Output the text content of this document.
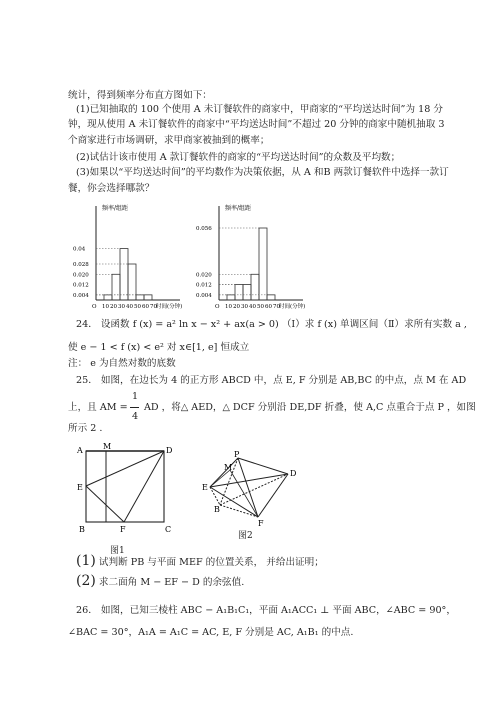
统计，得到频率分布直方图如下：
(1)已知抽取的 100 个使用 A 未订餐软件的商家中，甲商家的“平均送达时间”为 18 分
钟，现从使用 A 未订餐软件的商家中“平均送达时间”不超过 20 分钟的商家中随机抽取 3
个商家进行市场调研，求甲商家被抽到的概率；
(2)试估计该市使用 A 款订餐软件的商家的“平均送达时间”的众数及平均数；
(3)如果以“平均送达时间”的平均数作为决策依据，从 A 和B 两款订餐软件中选择一款订
餐，你会选择哪款？
频率/组距
0.04
0.004
0.012
0.020
0.028
O 10 20 30 40 50 60 70 时间(分钟)
频率/组距
0.056
0.020
0.012
0.004
O 10 20 30 40 50 60 70 时间(分钟)
24． 设函数 f (x) = a² ln x − x² + ax(a > 0) （Ⅰ）求 f (x) 单调区间（Ⅱ）求所有实数 a ,
使 e − 1 < f (x) < e² 对 x∈[1, e] 恒成立
注： e 为自然对数的底数
25． 如图，在边长为 4 的正方形 ABCD 中，点 E, F 分别是 AB,BC 的中点，点 M 在 AD
上，且 AM =
1
4
AD ，将△ AED，△ DCF 分别沿 DE,DF 折叠，使 A,C 点重合于点 P ，如图
所示 2 .
A	M	D
E
B	F	C
图1
P
M
E
D
B
F
图2
(1) 试判断 PB 与平面 MEF 的位置关系， 并给出证明；
(2) 求二面角 M − EF − D 的余弦值.
26． 如图，已知三棱柱 ABC − A₁B₁C₁，平面 A₁ACC₁ ⊥ 平面 ABC，∠ABC = 90°，
∠BAC = 30°，A₁A = A₁C = AC, E, F 分别是 AC, A₁B₁ 的中点.
